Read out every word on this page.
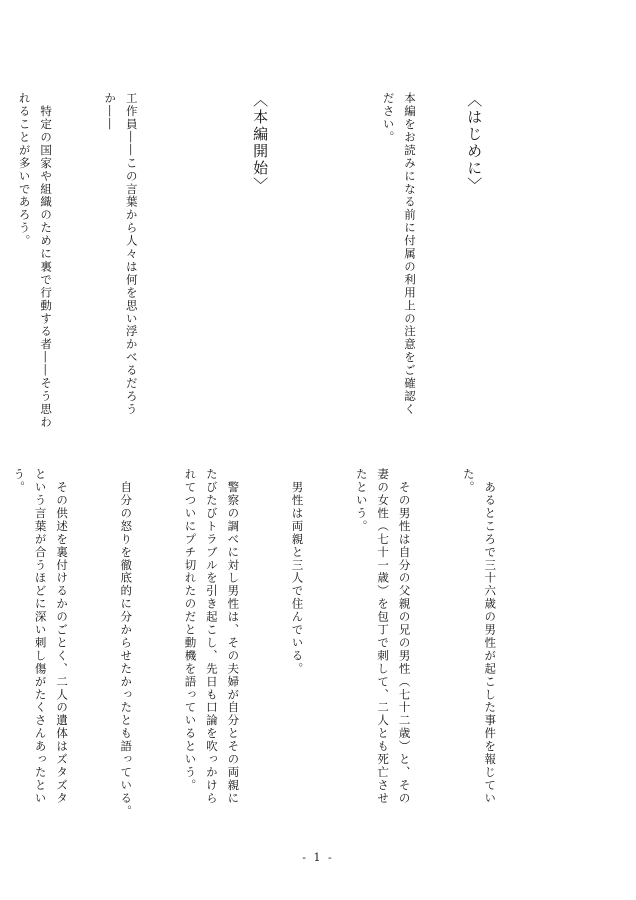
〈はじめに〉

本編をお読みになる前に付属の利用上の注意をご確認く
ださい。

〈本編開始〉

工作員――この言葉から人々は何を思い浮かべるだろう
か――

　特定の国家や組織のために裏で行動する者――そう思わ
れることが多いであろう。

　あるところで三十六歳の男性が起こした事件を報じてい
た。

　その男性は自分の父親の兄の男性（七十二歳）と、その
妻の女性（七十一歳）を包丁で刺して、二人とも死亡させ
たという。

　男性は両親と三人で住んでいる。

　警察の調べに対し男性は、その夫婦が自分とその両親に
たびたびトラブルを引き起こし、先日も口論を吹っかけら
れてついにプチ切れたのだと動機を語っているという。

　自分の怒りを徹底的に分からせたかったとも語っている。

　その供述を裏付けるかのごとく、二人の遺体はズタズタ
という言葉が合うほどに深い刺し傷がたくさんあったとい
う。

- 1 -
